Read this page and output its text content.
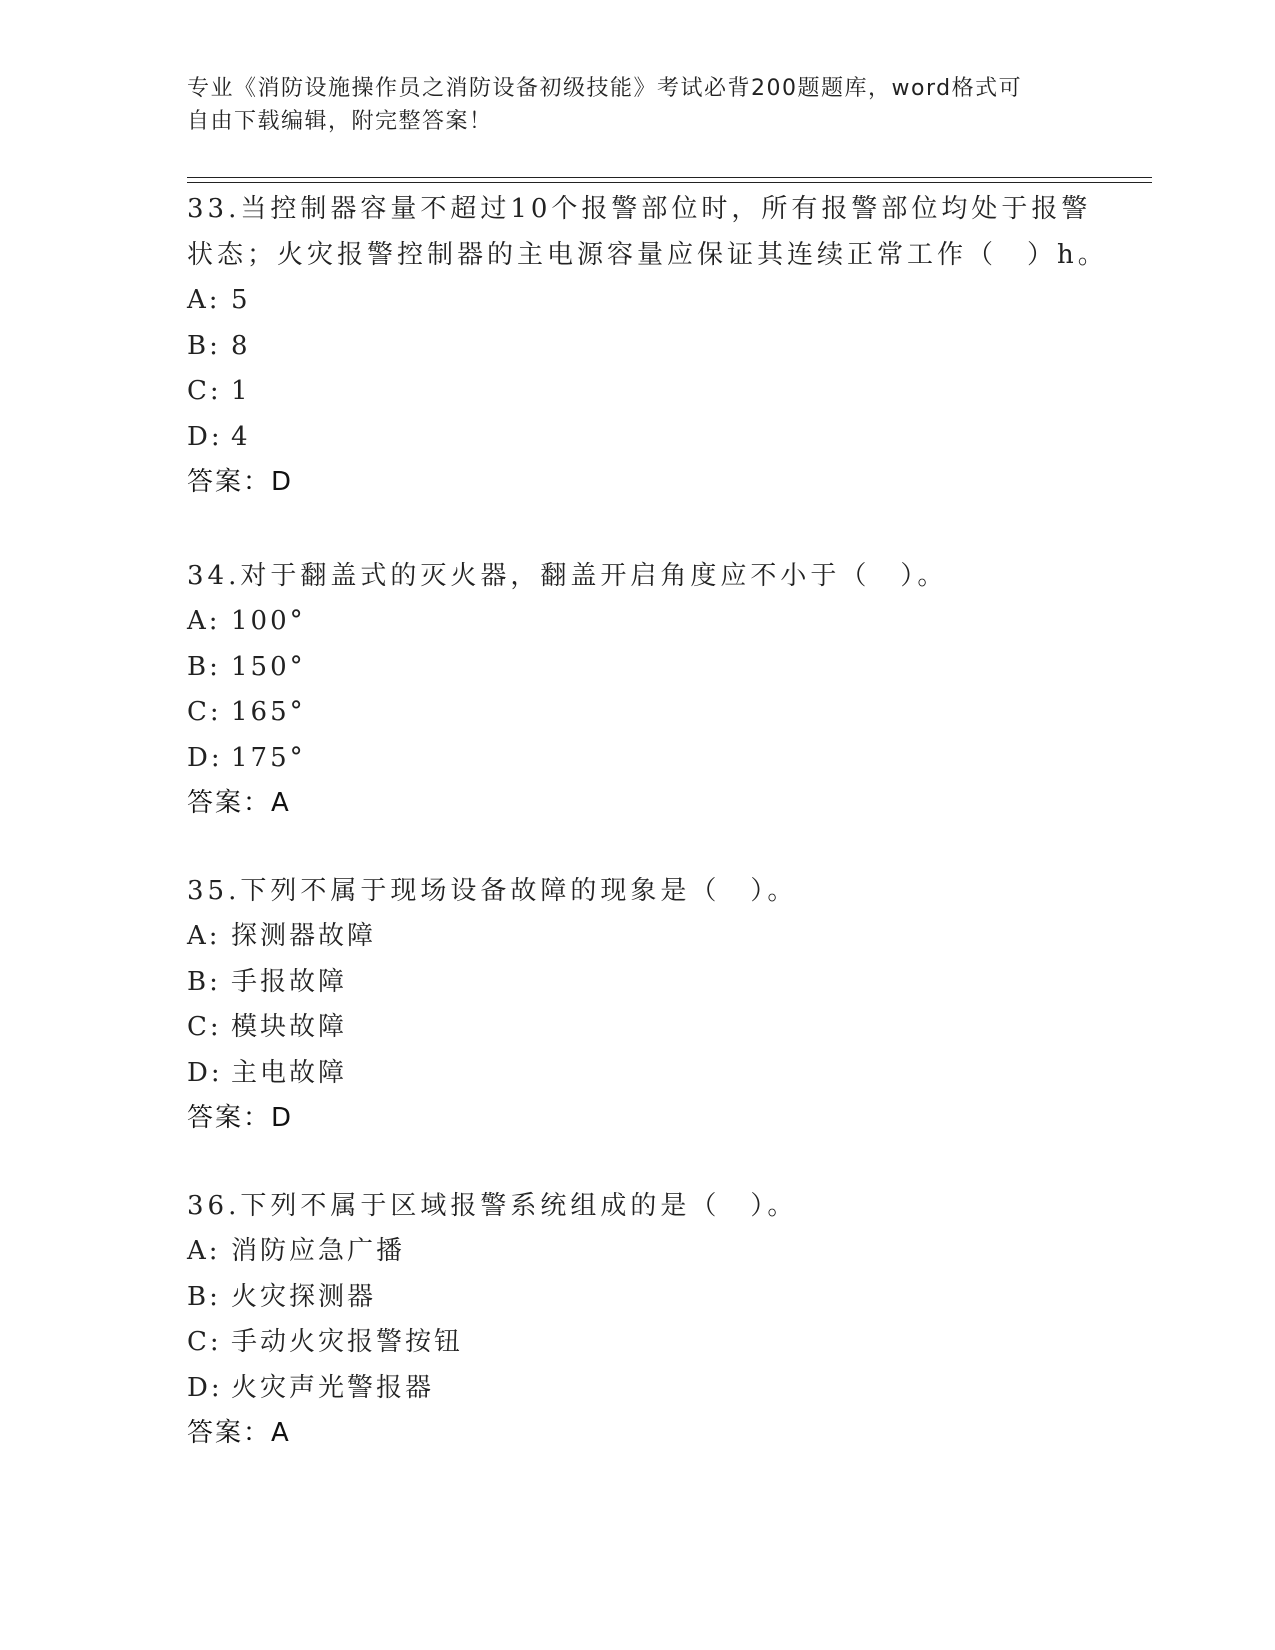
专业《消防设施操作员之消防设备初级技能》考试必背200题题库，word格式可
自由下载编辑，附完整答案！
33.当控制器容量不超过10个报警部位时，所有报警部位均处于报警
状态；火灾报警控制器的主电源容量应保证其连续正常工作（　）h。
A: 5
B: 8
C: 1
D: 4
答案：D
34.对于翻盖式的灭火器，翻盖开启角度应不小于（　）。
A: 100°
B: 150°
C: 165°
D: 175°
答案：A
35.下列不属于现场设备故障的现象是（　）。
A: 探测器故障
B: 手报故障
C: 模块故障
D: 主电故障
答案：D
36.下列不属于区域报警系统组成的是（　）。
A: 消防应急广播
B: 火灾探测器
C: 手动火灾报警按钮
D: 火灾声光警报器
答案：A
